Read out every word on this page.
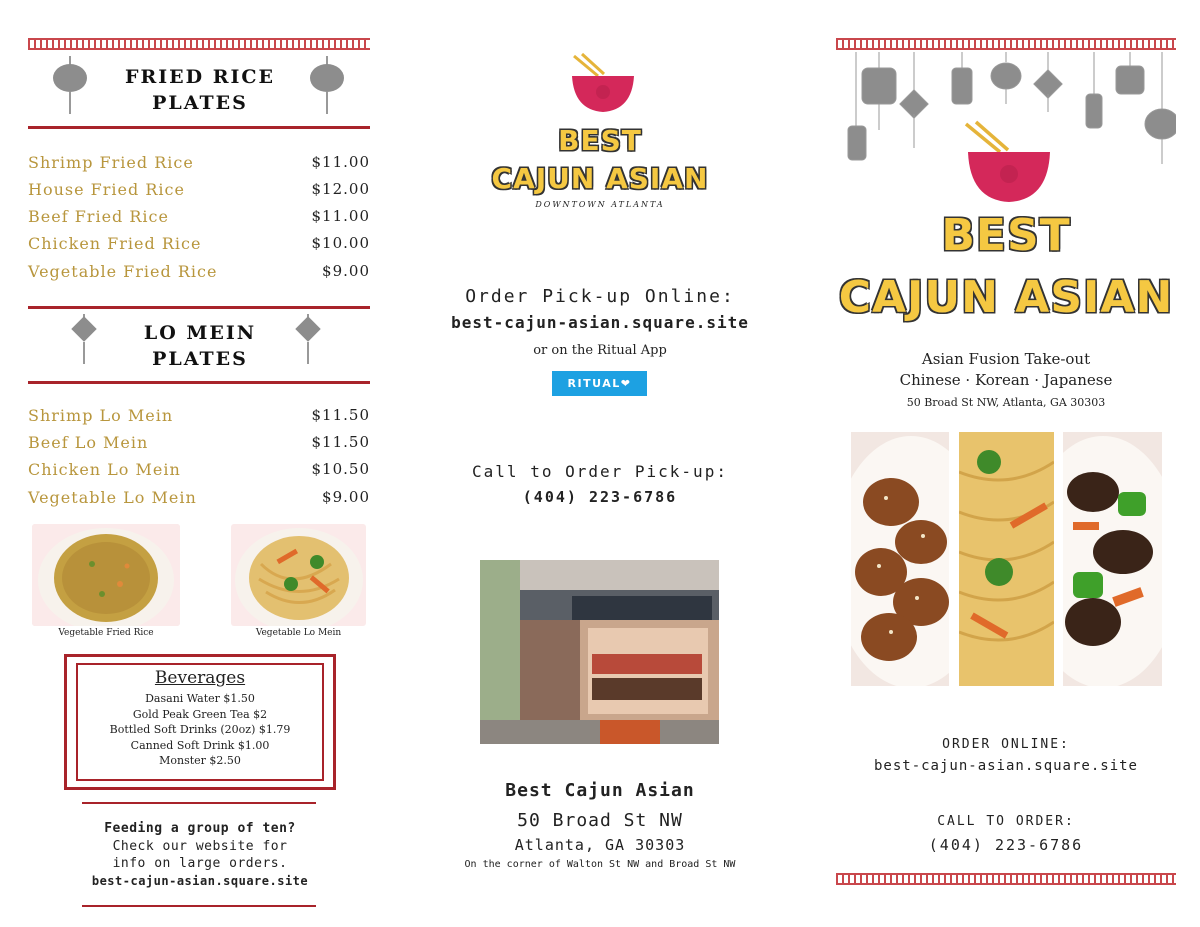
FRIED RICE
PLATES
Shrimp Fried Rice	$11.00
House Fried Rice	$12.00
Beef Fried Rice	$11.00
Chicken Fried Rice	$10.00
Vegetable Fried Rice	$9.00
LO MEIN
PLATES
Shrimp Lo Mein	$11.50
Beef Lo Mein	$11.50
Chicken Lo Mein	$10.50
Vegetable Lo Mein	$9.00
Vegetable Fried Rice	Vegetable Lo Mein
Beverages
Dasani Water $1.50
Gold Peak Green Tea $2
Bottled Soft Drinks (20oz) $1.79
Canned Soft Drink $1.00
Monster $2.50
Feeding a group of ten?
Check our website for
info on large orders.
best-cajun-asian.square.site
BEST
CAJUN ASIAN
DOWNTOWN ATLANTA
Order Pick-up Online:
best-cajun-asian.square.site
or on the Ritual App
RITUAL❤
Call to Order Pick-up:
(404) 223-6786
Best Cajun Asian
50 Broad St NW
Atlanta, GA 30303
On the corner of Walton St NW and Broad St NW
BEST
CAJUN ASIAN
Asian Fusion Take-out
Chinese · Korean · Japanese
50 Broad St NW, Atlanta, GA 30303
ORDER ONLINE:
best-cajun-asian.square.site
CALL TO ORDER:
(404) 223-6786
